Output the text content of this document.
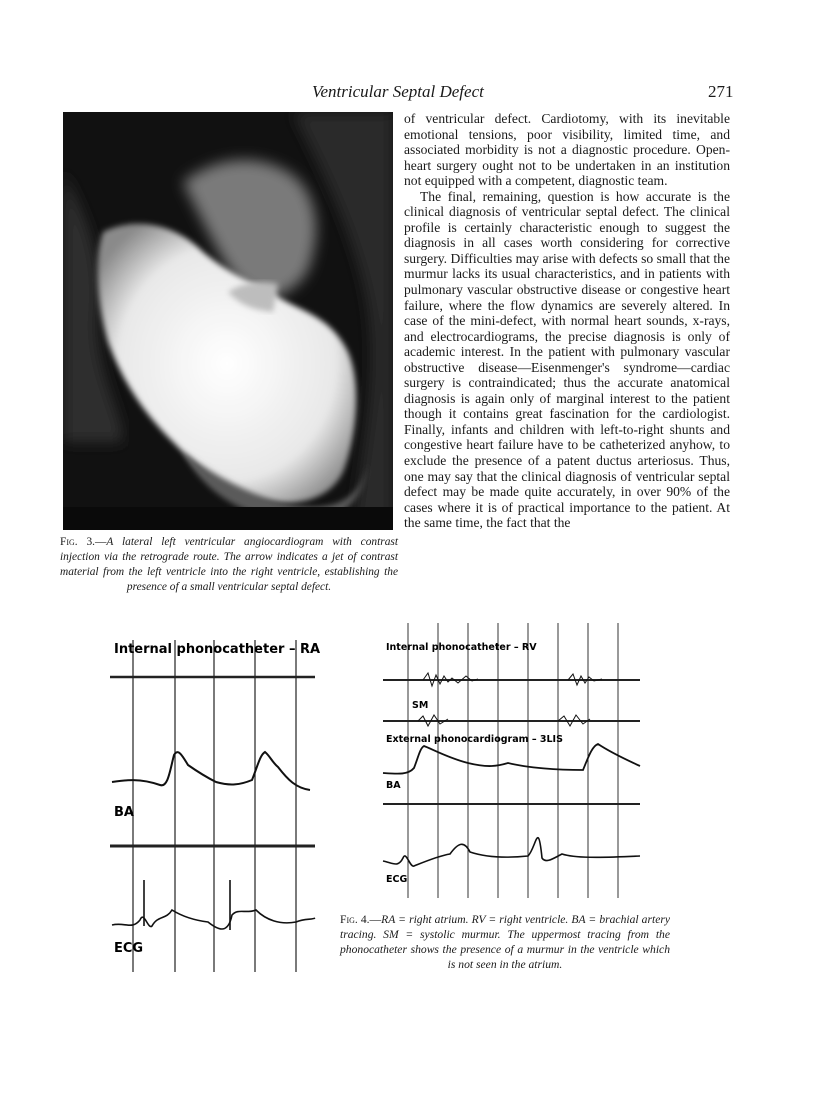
Ventricular Septal Defect	271
Fig. 3.—A lateral left ventricular angiocardiogram with contrast injection via the retrograde route. The arrow indicates a jet of contrast material from the left ventricle into the right ventricle, establishing the presence of a small ventricular septal defect.

of ventricular defect. Cardiotomy, with its inevitable emotional tensions, poor visibility, limited time, and associated morbidity is not a diagnostic procedure. Open-heart surgery ought not to be undertaken in an institution not equipped with a competent, diagnostic team.

The final, remaining, question is how accurate is the clinical diagnosis of ventricular septal defect. The clinical profile is certainly characteristic enough to suggest the diagnosis in all cases worth considering for corrective surgery. Difficulties may arise with defects so small that the murmur lacks its usual characteristics, and in patients with pulmonary vascular obstructive disease or congestive heart failure, where the flow dynamics are severely altered. In case of the mini-defect, with normal heart sounds, x-rays, and electrocardiograms, the precise diagnosis is only of academic interest. In the patient with pulmonary vascular obstructive disease—Eisenmenger's syndrome—cardiac surgery is contraindicated; thus the accurate anatomical diagnosis is again only of marginal interest to the patient though it contains great fascination for the cardiologist. Finally, infants and children with left-to-right shunts and congestive heart failure have to be catheterized anyhow, to exclude the presence of a patent ductus arteriosus. Thus, one may say that the clinical diagnosis of ventricular septal defect may be made quite accurately, in over 90% of the cases where it is of practical importance to the patient. At the same time, the fact that the

Internal phonocatheter – RA
BA
ECG
Internal phonocatheter – RV
SM
External phonocardiogram – 3LIS
BA
ECG
Fig. 4.—RA = right atrium. RV = right ventricle. BA = brachial artery tracing. SM = systolic murmur. The uppermost tracing from the phonocatheter shows the presence of a murmur in the ventricle which is not seen in the atrium.
